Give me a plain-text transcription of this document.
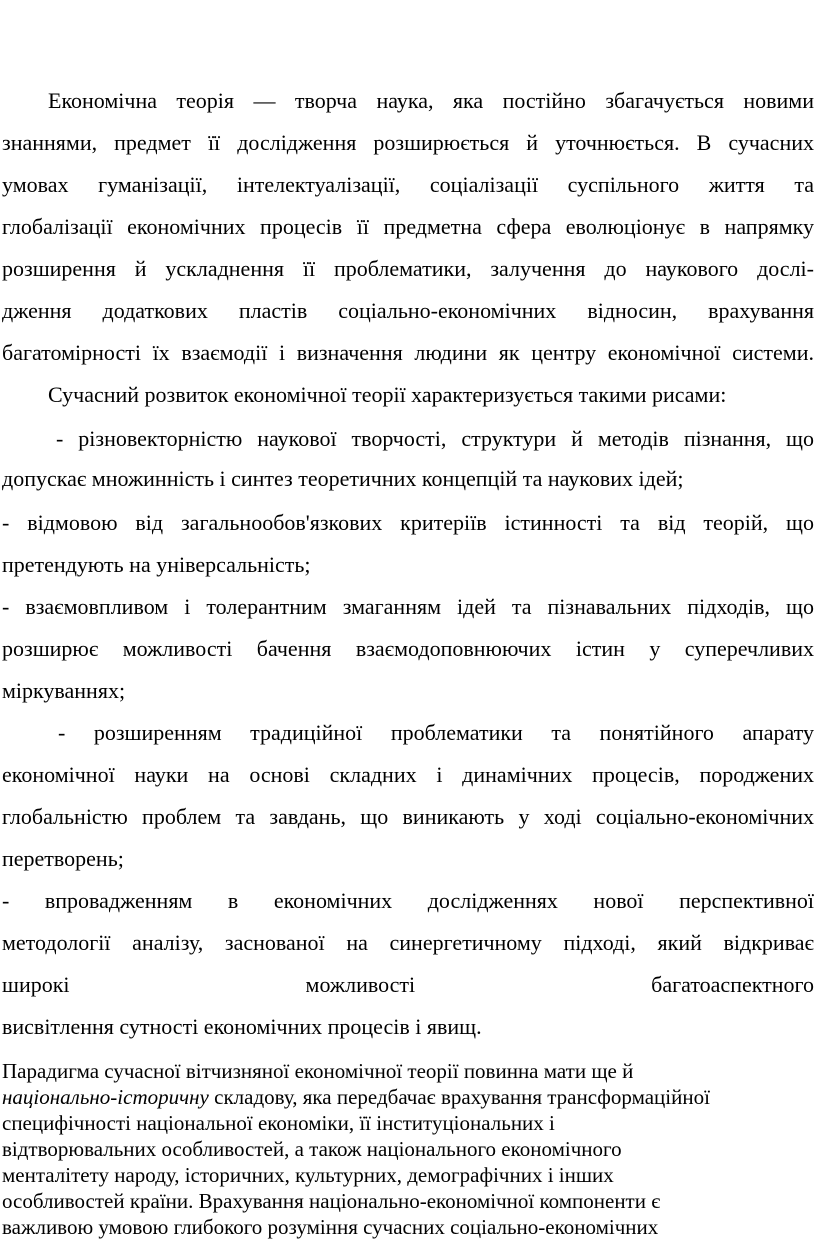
Економічна теорія — творча наука, яка постійно збагачується новими

знаннями, предмет її дослідження розширюється й уточнюється. В сучасних

умовах гуманізації, інтелектуалізації, соціалізації суспільного життя та

глобалізації економічних процесів її предметна сфера еволюціонує в напрямку

розширення й ускладнення її проблематики, залучення до наукового дослі-

дження додаткових пластів соціально-економічних відносин, врахування

багатомірності їх взаємодії і визначення людини як центру економічної системи.

Сучасний розвиток економічної теорії характеризується такими рисами:

- різновекторністю наукової творчості, структури й методів пізнання, що

допускає множинність і синтез теоретичних концепцій та наукових ідей;

- відмовою від загальнообов'язкових критеріїв істинності та від теорій, що

претендують на універсальність;

- взаємовпливом і толерантним змаганням ідей та пізнавальних підходів, що

розширює можливості бачення взаємодоповнюючих істин у суперечливих

міркуваннях;

- розширенням традиційної проблематики та понятійного апарату

економічної науки на основі складних і динамічних процесів, породжених

глобальністю проблем та завдань, що виникають у ході соціально-економічних

перетворень;

- впровадженням в економічних дослідженнях нової перспективної

методології аналізу, заснованої на синергетичному підході, який відкриває

широкі можливості багатоаспектного

висвітлення сутності економічних процесів і явищ.

Парадигма сучасної вітчизняної економічної теорії повинна мати ще й

національно-історичну складову, яка передбачає врахування трансформаційної

специфічності національної економіки, її інституціональних і

відтворювальних особливостей, а також національного економічного

менталітету народу, історичних, культурних, демографічних і інших

особливостей країни. Врахування національно-економічної компоненти є

важливою умовою глибокого розуміння сучасних соціально-економічних
